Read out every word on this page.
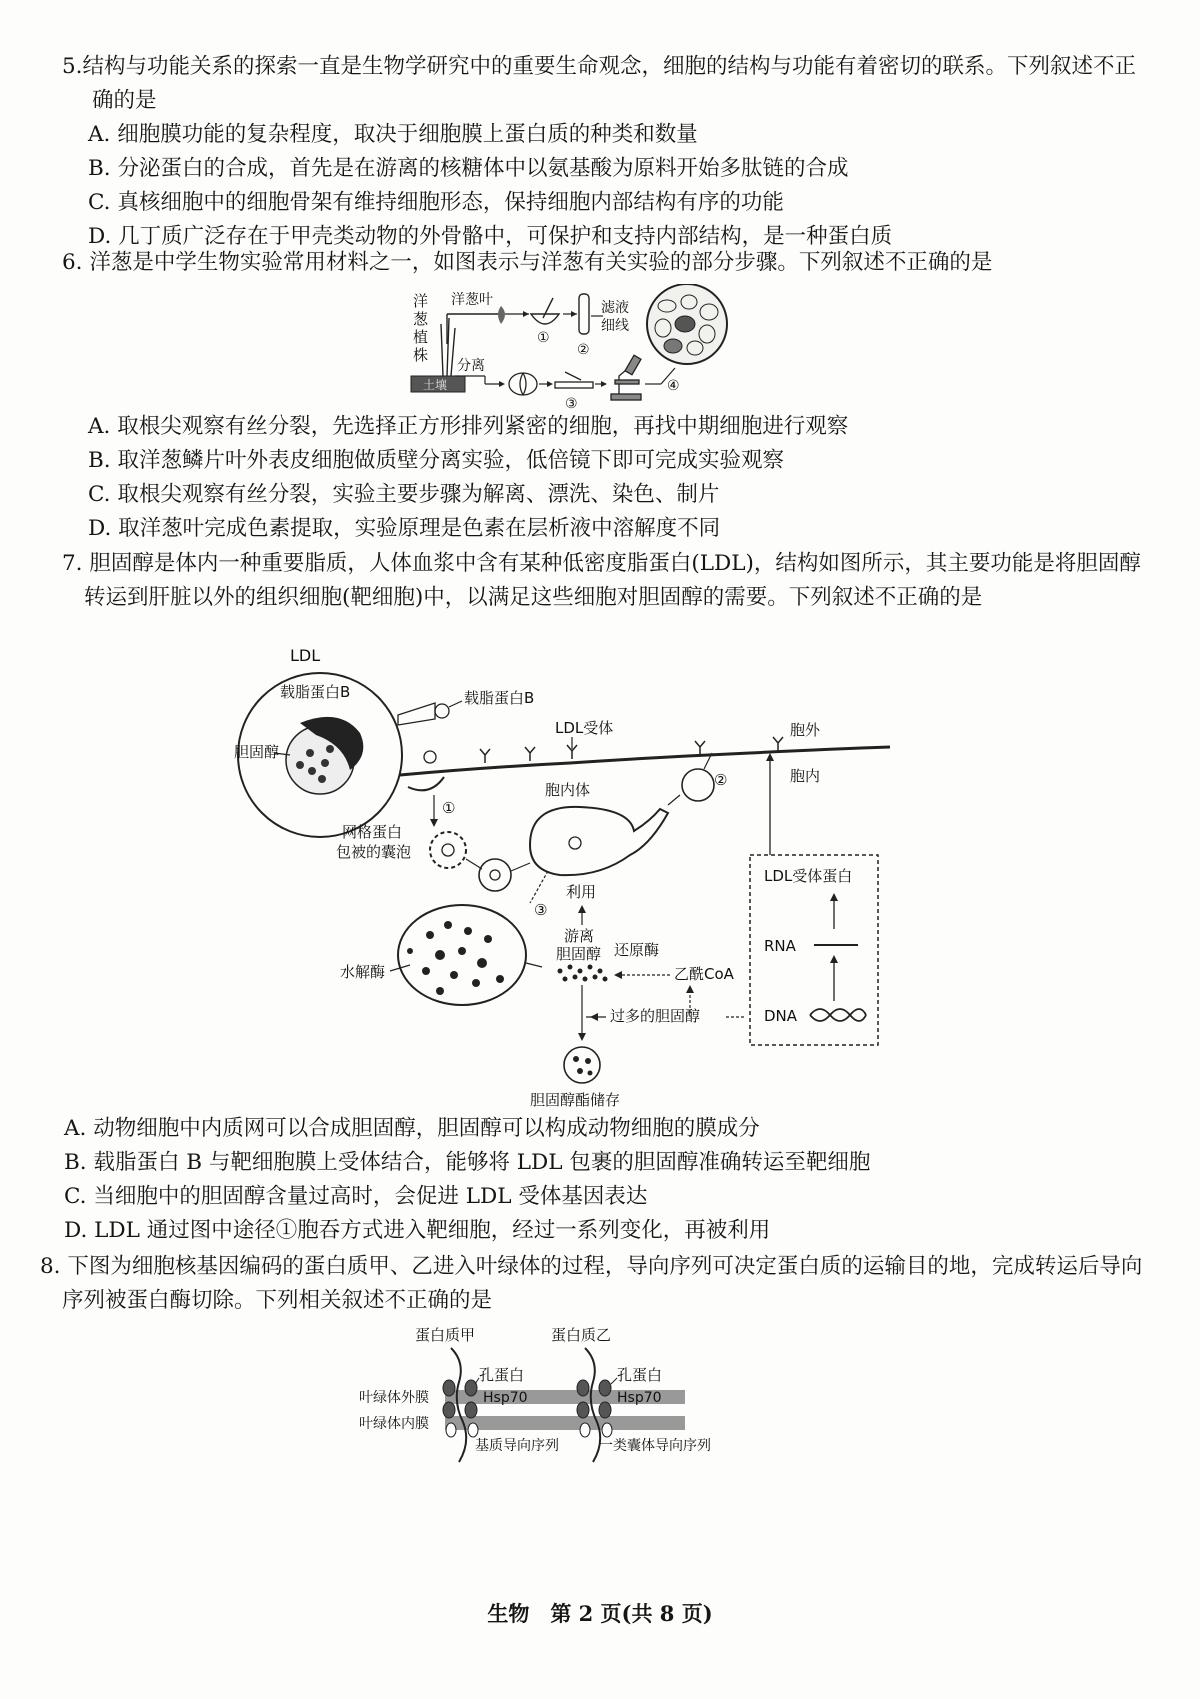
5.结构与功能关系的探索一直是生物学研究中的重要生命观念，细胞的结构与功能有着密切的联系。下列叙述不正确的是

A. 细胞膜功能的复杂程度，取决于细胞膜上蛋白质的种类和数量
B. 分泌蛋白的合成，首先是在游离的核糖体中以氨基酸为原料开始多肽链的合成
C. 真核细胞中的细胞骨架有维持细胞形态，保持细胞内部结构有序的功能
D. 几丁质广泛存在于甲壳类动物的外骨骼中，可保护和支持内部结构，是一种蛋白质

6. 洋葱是中学生物实验常用材料之一，如图表示与洋葱有关实验的部分步骤。下列叙述不正确的是

洋
葱
植
株
洋葱叶
①
②
滤液
细线
分离
土壤
③
④
A. 取根尖观察有丝分裂，先选择正方形排列紧密的细胞，再找中期细胞进行观察
B. 取洋葱鳞片叶外表皮细胞做质壁分离实验，低倍镜下即可完成实验观察
C. 取根尖观察有丝分裂，实验主要步骤为解离、漂洗、染色、制片
D. 取洋葱叶完成色素提取，实验原理是色素在层析液中溶解度不同

7. 胆固醇是体内一种重要脂质，人体血浆中含有某种低密度脂蛋白(LDL)，结构如图所示，其主要功能是将胆固醇转运到肝脏以外的组织细胞(靶细胞)中，以满足这些细胞对胆固醇的需要。下列叙述不正确的是

LDL
载脂蛋白B
胆固醇
载脂蛋白B
LDL受体	胞外
胞内
①
网格蛋白
包被的囊泡
胞内体
②
③
水解酶
利用
游离
胆固醇 还原酶
乙酰CoA
过多的胆固醇
胆固醇酯储存
LDL受体蛋白
RNA
DNA
A. 动物细胞中内质网可以合成胆固醇，胆固醇可以构成动物细胞的膜成分
B. 载脂蛋白 B 与靶细胞膜上受体结合，能够将 LDL 包裹的胆固醇准确转运至靶细胞
C. 当细胞中的胆固醇含量过高时，会促进 LDL 受体基因表达
D. LDL 通过图中途径①胞吞方式进入靶细胞，经过一系列变化，再被利用

8. 下图为细胞核基因编码的蛋白质甲、乙进入叶绿体的过程，导向序列可决定蛋白质的运输目的地，完成转运后导向序列被蛋白酶切除。下列相关叙述不正确的是

蛋白质甲	蛋白质乙
叶绿体外膜
叶绿体内膜
孔蛋白	孔蛋白
Hsp70	Hsp70
基质导向序列	一类囊体导向序列
生物　第 2 页(共 8 页)
